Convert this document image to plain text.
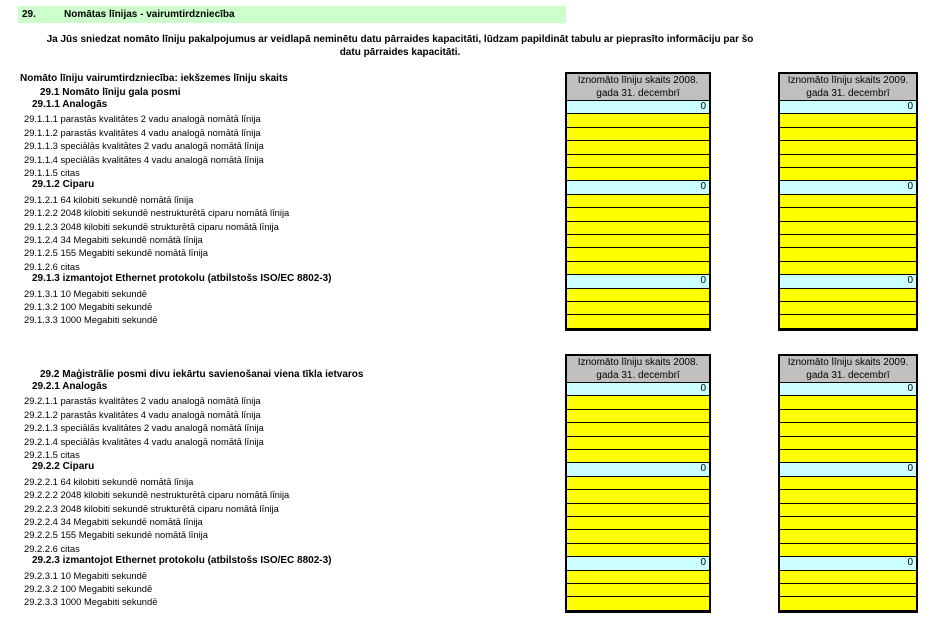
29.	Nomātas līnijas - vairumtirdzniecība
Ja Jūs sniedzat nomāto līniju pakalpojumus ar veidlapā neminētu datu pārraides kapacitāti, lūdzam papildināt tabulu ar pieprasīto informāciju par šo datu pārraides kapacitāti.
Nomāto līniju vairumtirdzniecība: iekšzemes līniju skaits
29.1 Nomāto līniju gala posmi
29.1.1 Analogās
29.1.1.1 parastās kvalitātes 2 vadu analogā nomātā līnija
29.1.1.2 parastās kvalitātes 4 vadu analogā nomātā līnija
29.1.1.3 speciālās kvalitātes 2 vadu analogā nomātā līnija
29.1.1.4 speciālās kvalitātes 4 vadu analogā nomātā līnija
29.1.1.5 citas
29.1.2 Ciparu
29.1.2.1 64 kilobiti sekundē nomātā līnija
29.1.2.2 2048 kilobiti sekundē nestrukturētā ciparu nomātā līnija
29.1.2.3 2048 kilobiti sekundē strukturētā ciparu nomātā līnija
29.1.2.4 34 Megabiti sekundē nomātā līnija
29.1.2.5 155 Megabiti sekundē nomātā līnija
29.1.2.6 citas
29.1.3 izmantojot Ethernet protokolu (atbilstošs ISO/EC 8802-3)
29.1.3.1 10 Megabiti sekundē
29.1.3.2 100 Megabiti sekundē
29.1.3.3 1000 Megabiti sekundē
Iznomāto līniju skaits 2008. gada 31. decembrī
0
0
0
Iznomāto līniju skaits 2009. gada 31. decembrī
0
0
0
29.2 Maģistrālie posmi divu iekārtu savienošanai viena tīkla ietvaros
29.2.1 Analogās
29.2.1.1 parastās kvalitātes 2 vadu analogā nomātā līnija
29.2.1.2 parastās kvalitātes 4 vadu analogā nomātā līnija
29.2.1.3 speciālās kvalitātes 2 vadu analogā nomātā līnija
29.2.1.4 speciālās kvalitātes 4 vadu analogā nomātā līnija
29.2.1.5 citas
29.2.2 Ciparu
29.2.2.1 64 kilobiti sekundē nomātā līnija
29.2.2.2 2048 kilobiti sekundē nestrukturētā ciparu nomātā līnija
29.2.2.3 2048 kilobiti sekundē strukturētā ciparu nomātā līnija
29.2.2.4 34 Megabiti sekundē nomātā līnija
29.2.2.5 155 Megabiti sekundē nomātā līnija
29.2.2.6 citas
29.2.3 izmantojot Ethernet protokolu (atbilstošs ISO/EC 8802-3)
29.2.3.1 10 Megabiti sekundē
29.2.3.2 100 Megabiti sekundē
29.2.3.3 1000 Megabiti sekundē
Iznomāto līniju skaits 2008. gada 31. decembrī
0
0
0
Iznomāto līniju skaits 2009. gada 31. decembrī
0
0
0
